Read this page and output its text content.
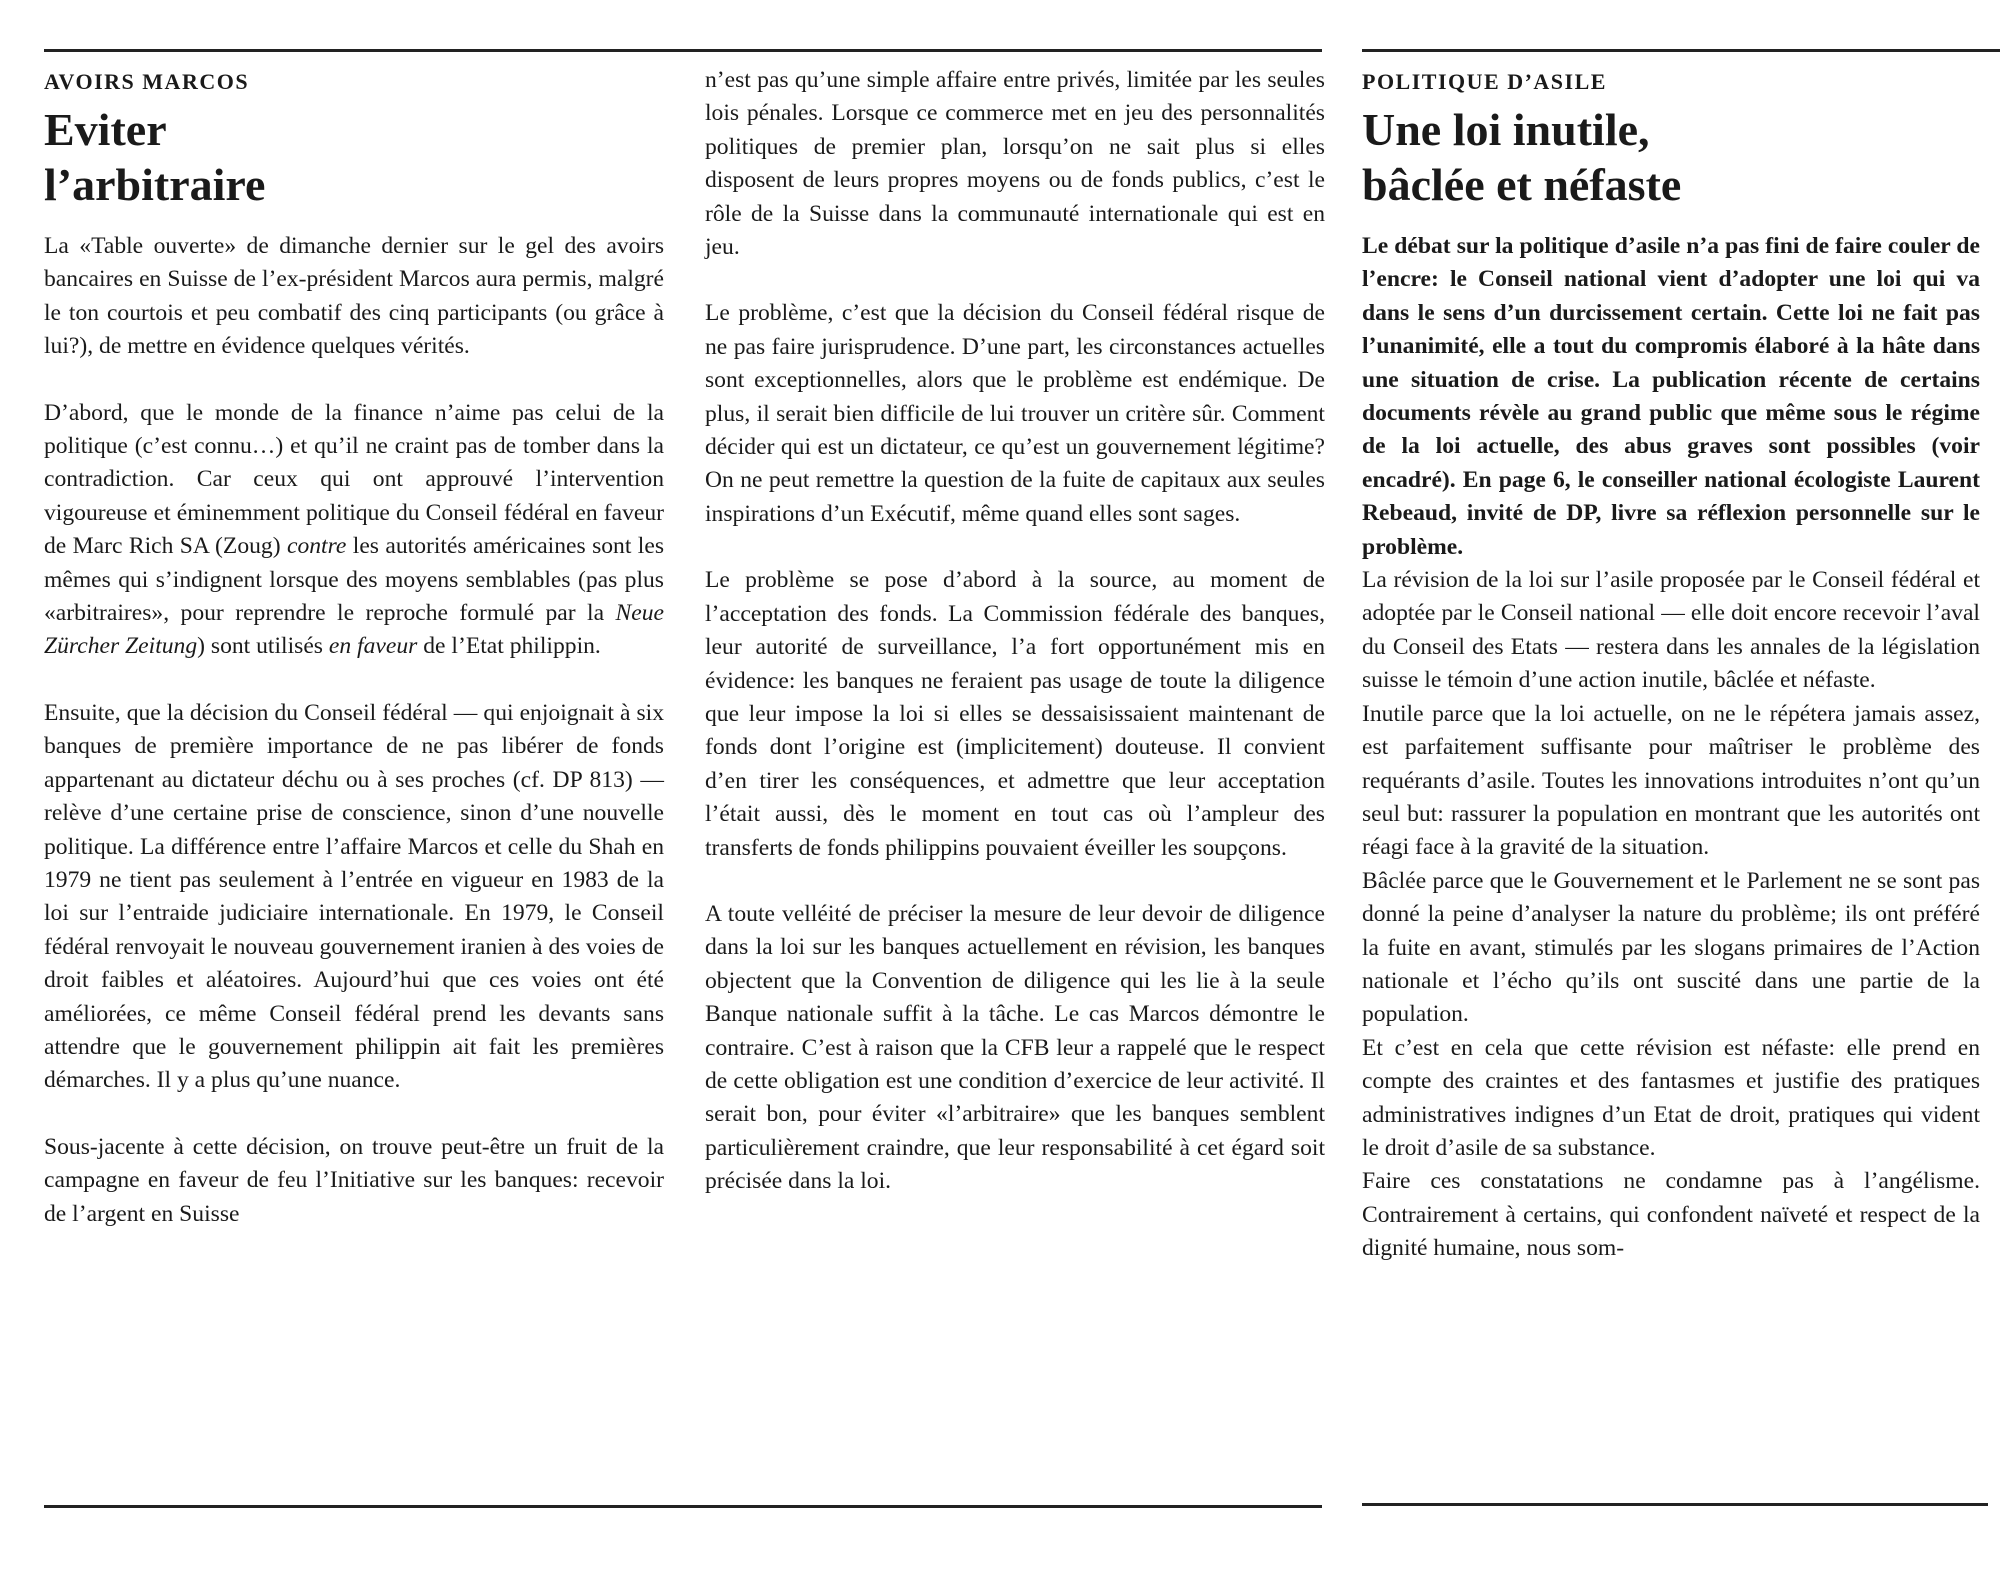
AVOIRS MARCOS

Eviter
l’arbitraire

La «Table ouverte» de dimanche dernier sur le gel des avoirs bancaires en Suisse de l’ex-président Marcos aura permis, malgré le ton courtois et peu combatif des cinq participants (ou grâce à lui?), de mettre en évidence quelques vérités.

D’abord, que le monde de la finance n’aime pas celui de la politique (c’est connu…) et qu’il ne craint pas de tomber dans la contradiction. Car ceux qui ont approuvé l’intervention vigoureuse et éminemment politique du Conseil fédéral en faveur de Marc Rich SA (Zoug) contre les autorités américaines sont les mêmes qui s’indignent lorsque des moyens semblables (pas plus «arbitraires», pour reprendre le reproche formulé par la Neue Zürcher Zeitung) sont utilisés en faveur de l’Etat philippin.

Ensuite, que la décision du Conseil fédéral — qui enjoignait à six banques de première importance de ne pas libérer de fonds appartenant au dictateur déchu ou à ses proches (cf. DP 813) — relève d’une certaine prise de conscience, sinon d’une nouvelle politique. La différence entre l’affaire Marcos et celle du Shah en 1979 ne tient pas seulement à l’entrée en vigueur en 1983 de la loi sur l’entraide judiciaire internationale. En 1979, le Conseil fédéral renvoyait le nouveau gouvernement iranien à des voies de droit faibles et aléatoires. Aujourd’hui que ces voies ont été améliorées, ce même Conseil fédéral prend les devants sans attendre que le gouvernement philippin ait fait les premières démarches. Il y a plus qu’une nuance.

Sous-jacente à cette décision, on trouve peut-être un fruit de la campagne en faveur de feu l’Initiative sur les banques: recevoir de l’argent en Suisse

n’est pas qu’une simple affaire entre privés, limitée par les seules lois pénales. Lorsque ce commerce met en jeu des personnalités politiques de premier plan, lorsqu’on ne sait plus si elles disposent de leurs propres moyens ou de fonds publics, c’est le rôle de la Suisse dans la communauté internationale qui est en jeu.

Le problème, c’est que la décision du Conseil fédéral risque de ne pas faire jurisprudence. D’une part, les circonstances actuelles sont exceptionnelles, alors que le problème est endémique. De plus, il serait bien difficile de lui trouver un critère sûr. Comment décider qui est un dictateur, ce qu’est un gouvernement légitime? On ne peut remettre la question de la fuite de capitaux aux seules inspirations d’un Exécutif, même quand elles sont sages.

Le problème se pose d’abord à la source, au moment de l’acceptation des fonds. La Commission fédérale des banques, leur autorité de surveillance, l’a fort opportunément mis en évidence: les banques ne feraient pas usage de toute la diligence que leur impose la loi si elles se dessaisissaient maintenant de fonds dont l’origine est (implicitement) douteuse. Il convient d’en tirer les conséquences, et admettre que leur acceptation l’était aussi, dès le moment en tout cas où l’ampleur des transferts de fonds philippins pouvaient éveiller les soupçons.

A toute velléité de préciser la mesure de leur devoir de diligence dans la loi sur les banques actuellement en révision, les banques objectent que la Convention de diligence qui les lie à la seule Banque nationale suffit à la tâche. Le cas Marcos démontre le contraire. C’est à raison que la CFB leur a rappelé que le respect de cette obligation est une condition d’exercice de leur activité. Il serait bon, pour éviter «l’arbitraire» que les banques semblent particulièrement craindre, que leur responsabilité à cet égard soit précisée dans la loi.

POLITIQUE D’ASILE

Une loi inutile,
bâclée et néfaste

Le débat sur la politique d’asile n’a pas fini de faire couler de l’encre: le Conseil national vient d’adopter une loi qui va dans le sens d’un durcissement certain. Cette loi ne fait pas l’unanimité, elle a tout du compromis élaboré à la hâte dans une situation de crise. La publication récente de certains documents révèle au grand public que même sous le régime de la loi actuelle, des abus graves sont possibles (voir encadré). En page 6, le conseiller national écologiste Laurent Rebeaud, invité de DP, livre sa réflexion personnelle sur le problème.

La révision de la loi sur l’asile proposée par le Conseil fédéral et adoptée par le Conseil national — elle doit encore recevoir l’aval du Conseil des Etats — restera dans les annales de la législation suisse le témoin d’une action inutile, bâclée et néfaste.

Inutile parce que la loi actuelle, on ne le répétera jamais assez, est parfaitement suffisante pour maîtriser le problème des requérants d’asile. Toutes les innovations introduites n’ont qu’un seul but: rassurer la population en montrant que les autorités ont réagi face à la gravité de la situation.

Bâclée parce que le Gouvernement et le Parlement ne se sont pas donné la peine d’analyser la nature du problème; ils ont préféré la fuite en avant, stimulés par les slogans primaires de l’Action nationale et l’écho qu’ils ont suscité dans une partie de la population.

Et c’est en cela que cette révision est néfaste: elle prend en compte des craintes et des fantasmes et justifie des pratiques administratives indignes d’un Etat de droit, pratiques qui vident le droit d’asile de sa substance.

Faire ces constatations ne condamne pas à l’angélisme. Contrairement à certains, qui confondent naïveté et respect de la dignité humaine, nous som-
